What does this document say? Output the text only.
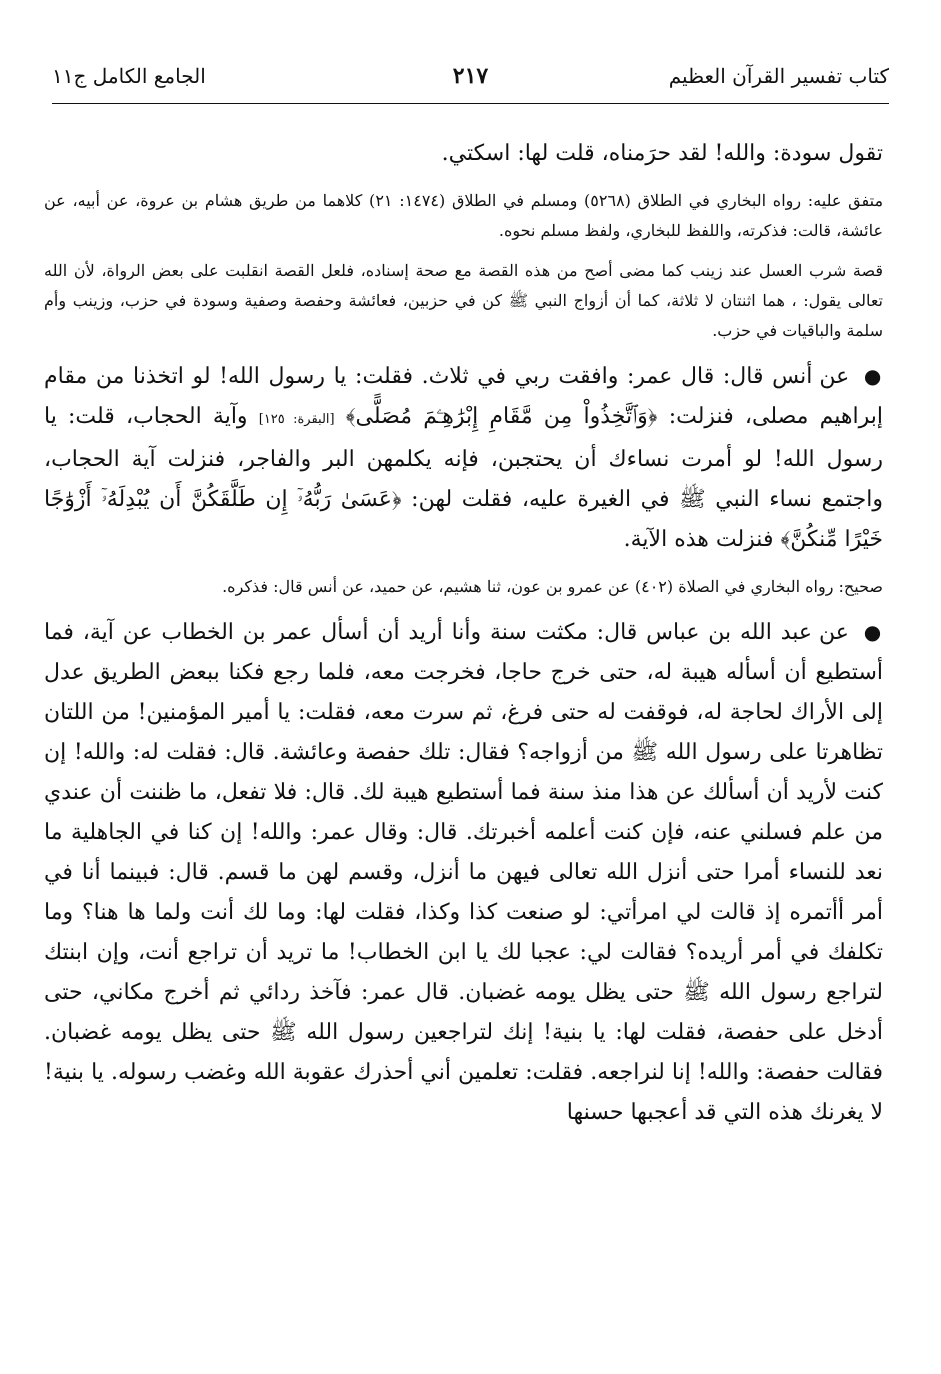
كتاب تفسير القرآن العظيم
٢١٧
الجامع الكامل ج١١

تقول سودة: والله! لقد حرَمناه، قلت لها: اسكتي.

متفق عليه: رواه البخاري في الطلاق (٥٢٦٨) ومسلم في الطلاق (١٤٧٤: ٢١) كلاهما من طريق هشام بن عروة، عن أبيه، عن عائشة، قالت: فذكرته، واللفظ للبخاري، ولفظ مسلم نحوه.

قصة شرب العسل عند زينب كما مضى أصح من هذه القصة مع صحة إسناده، فلعل القصة انقلبت على بعض الرواة، لأن الله تعالى يقول: ، هما اثنتان لا ثلاثة، كما أن أزواج النبي ﷺ كن في حزبين، فعائشة وحفصة وصفية وسودة في حزب، وزينب وأم سلمة والباقيات في حزب.

● عن أنس قال: قال عمر: وافقت ربي في ثلاث. فقلت: يا رسول الله! لو اتخذنا من مقام إبراهيم مصلى، فنزلت: ﴿وَٱتَّخِذُواْ مِن مَّقَامِ إِبْرَٰهِـۧمَ مُصَلًّى﴾ [البقرة: ١٢٥] وآية الحجاب، قلت: يا رسول الله! لو أمرت نساءك أن يحتجبن، فإنه يكلمهن البر والفاجر، فنزلت آية الحجاب، واجتمع نساء النبي ﷺ في الغيرة عليه، فقلت لهن: ﴿عَسَىٰ رَبُّهُۥٓ إِن طَلَّقَكُنَّ أَن يُبْدِلَهُۥٓ أَزْوَٰجًا خَيْرًا مِّنكُنَّ﴾ فنزلت هذه الآية.

صحيح: رواه البخاري في الصلاة (٤٠٢) عن عمرو بن عون، ثنا هشيم، عن حميد، عن أنس قال: فذكره.

● عن عبد الله بن عباس قال: مكثت سنة وأنا أريد أن أسأل عمر بن الخطاب عن آية، فما أستطيع أن أسأله هيبة له، حتى خرج حاجا، فخرجت معه، فلما رجع فكنا ببعض الطريق عدل إلى الأراك لحاجة له، فوقفت له حتى فرغ، ثم سرت معه، فقلت: يا أمير المؤمنين! من اللتان تظاهرتا على رسول الله ﷺ من أزواجه؟ فقال: تلك حفصة وعائشة. قال: فقلت له: والله! إن كنت لأريد أن أسألك عن هذا منذ سنة فما أستطيع هيبة لك. قال: فلا تفعل، ما ظننت أن عندي من علم فسلني عنه، فإن كنت أعلمه أخبرتك. قال: وقال عمر: والله! إن كنا في الجاهلية ما نعد للنساء أمرا حتى أنزل الله تعالى فيهن ما أنزل، وقسم لهن ما قسم. قال: فبينما أنا في أمر أأتمره إذ قالت لي امرأتي: لو صنعت كذا وكذا، فقلت لها: وما لك أنت ولما ها هنا؟ وما تكلفك في أمر أريده؟ فقالت لي: عجبا لك يا ابن الخطاب! ما تريد أن تراجع أنت، وإن ابنتك لتراجع رسول الله ﷺ حتى يظل يومه غضبان. قال عمر: فآخذ ردائي ثم أخرج مكاني، حتى أدخل على حفصة، فقلت لها: يا بنية! إنك لتراجعين رسول الله ﷺ حتى يظل يومه غضبان. فقالت حفصة: والله! إنا لنراجعه. فقلت: تعلمين أني أحذرك عقوبة الله وغضب رسوله. يا بنية! لا يغرنك هذه التي قد أعجبها حسنها
